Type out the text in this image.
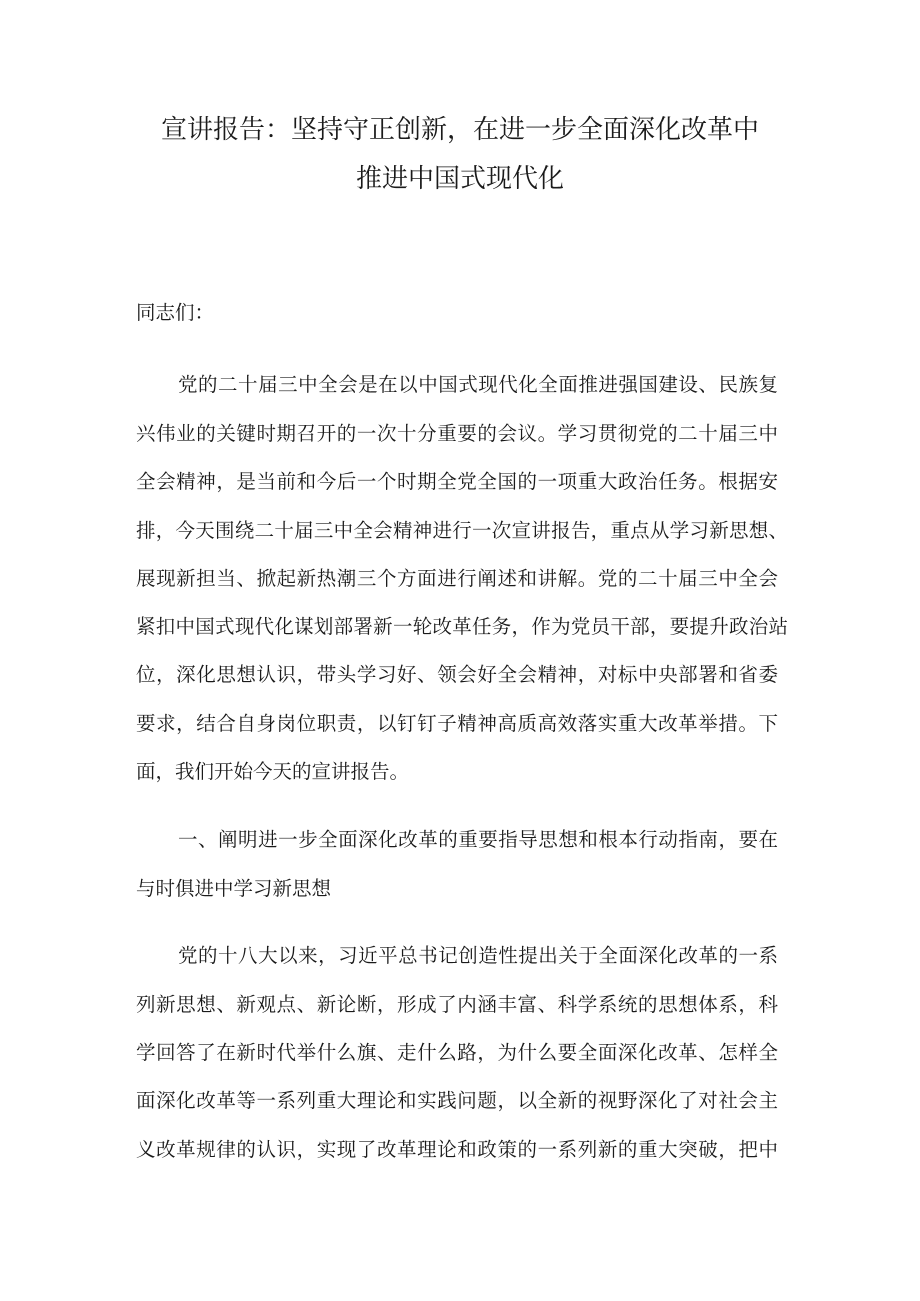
宣讲报告：坚持守正创新，在进一步全面深化改革中
推进中国式现代化
同志们：
党的二十届三中全会是在以中国式现代化全面推进强国建设、民族复
兴伟业的关键时期召开的一次十分重要的会议。学习贯彻党的二十届三中
全会精神，是当前和今后一个时期全党全国的一项重大政治任务。根据安
排，今天围绕二十届三中全会精神进行一次宣讲报告，重点从学习新思想、
展现新担当、掀起新热潮三个方面进行阐述和讲解。党的二十届三中全会
紧扣中国式现代化谋划部署新一轮改革任务，作为党员干部，要提升政治站
位，深化思想认识，带头学习好、领会好全会精神，对标中央部署和省委
要求，结合自身岗位职责，以钉钉子精神高质高效落实重大改革举措。下
面，我们开始今天的宣讲报告。
一、阐明进一步全面深化改革的重要指导思想和根本行动指南，要在
与时俱进中学习新思想
党的十八大以来，习近平总书记创造性提出关于全面深化改革的一系
列新思想、新观点、新论断，形成了内涵丰富、科学系统的思想体系，科
学回答了在新时代举什么旗、走什么路，为什么要全面深化改革、怎样全
面深化改革等一系列重大理论和实践问题，以全新的视野深化了对社会主
义改革规律的认识，实现了改革理论和政策的一系列新的重大突破，把中
